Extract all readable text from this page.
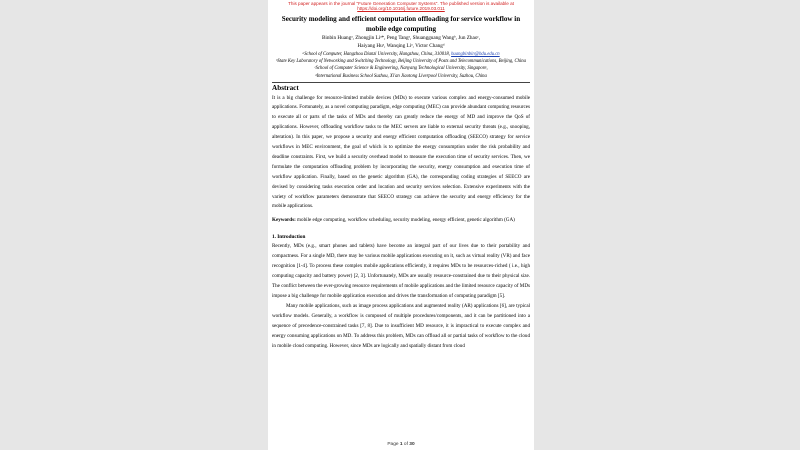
This paper appears in the journal "Future Generation Computer Systems". The published version is available at
https://doi.org/10.1016/j.future.2019.03.011
Security modeling and efficient computation offloading for service workflow in mobile edge computing
Binbin Huangᵃ, Zhongjin Liᵃ*, Peng Tangᵃ, Shuangguang Wangᵇ, Jun Zhaoᶜ,
Haiyang Huᵃ, Wanqing Liᵃ, Victor Changᵈ
ᵃSchool of Computer, Hangzhou Dianzi University, Hangzhou, China, 310018, huangbinbin@hdu.edu.cn
ᵇState Key Laboratory of Networking and Switching Technology, Beijing University of Posts and Telecommunications, Beijing, China
ᶜSchool of Computer Science & Engineering, Nanyang Technological University, Singapore,
ᵈInternational Business School Suzhou, Xi'an Jiaotong Liverpool University, Suzhou, China
Abstract
It is a big challenge for resource-limited mobile devices (MDs) to execute various complex and energy-consumed mobile applications. Fortunately, as a novel computing paradigm, edge computing (MEC) can provide abundant computing resources to execute all or parts of the tasks of MDs and thereby can greatly reduce the energy of MD and improve the QoS of applications. However, offloading workflow tasks to the MEC servers are liable to external security threats (e.g., snooping, alteration). In this paper, we propose a security and energy efficient computation offloading (SEECO) strategy for service workflows in MEC environment, the goal of which is to optimize the energy consumption under the risk probability and deadline constraints. First, we build a security overhead model to measure the execution time of security services. Then, we formulate the computation offloading problem by incorporating the security, energy consumption and execution time of workflow application. Finally, based on the genetic algorithm (GA), the corresponding coding strategies of SEECO are devised by considering tasks execution order and location and security services selection. Extensive experiments with the variety of workflow parameters demonstrate that SEECO strategy can achieve the security and energy efficiency for the mobile applications.
Keywords: mobile edge computing, workflow scheduling, security modeling, energy efficient, genetic algorithm (GA)
1. Introduction
Recently, MDs (e.g., smart phones and tablets) have become an integral part of our lives due to their portability and compactness. For a single MD, there may be various mobile applications executing on it, such as virtual reality (VR) and face recognition [1-4]. To process these complex mobile applications efficiently, it requires MDs to be resources-riched ( i.e., high computing capacity and battery power) [2, 3]. Unfortunately, MDs are usually resource-constrained due to their physical size. The conflict between the ever-growing resource requirements of mobile applications and the limited resource capacity of MDs impose a big challenge for mobile application execution and drives the transformation of computing paradigm [5].
Many mobile applications, such as image process applications and augmented reality (AR) applications [6], are typical workflow models. Generally, a workflow is composed of multiple procedures/components, and it can be partitioned into a sequence of precedence-constrained tasks [7, 8]. Due to insufficient MD resource, it is impractical to execute complex and energy consuming applications on MD. To address this problem, MDs can offload all or partial tasks of workflow to the cloud in mobile cloud computing. However, since MDs are logically and spatially distant from cloud
Page 1 of 30
